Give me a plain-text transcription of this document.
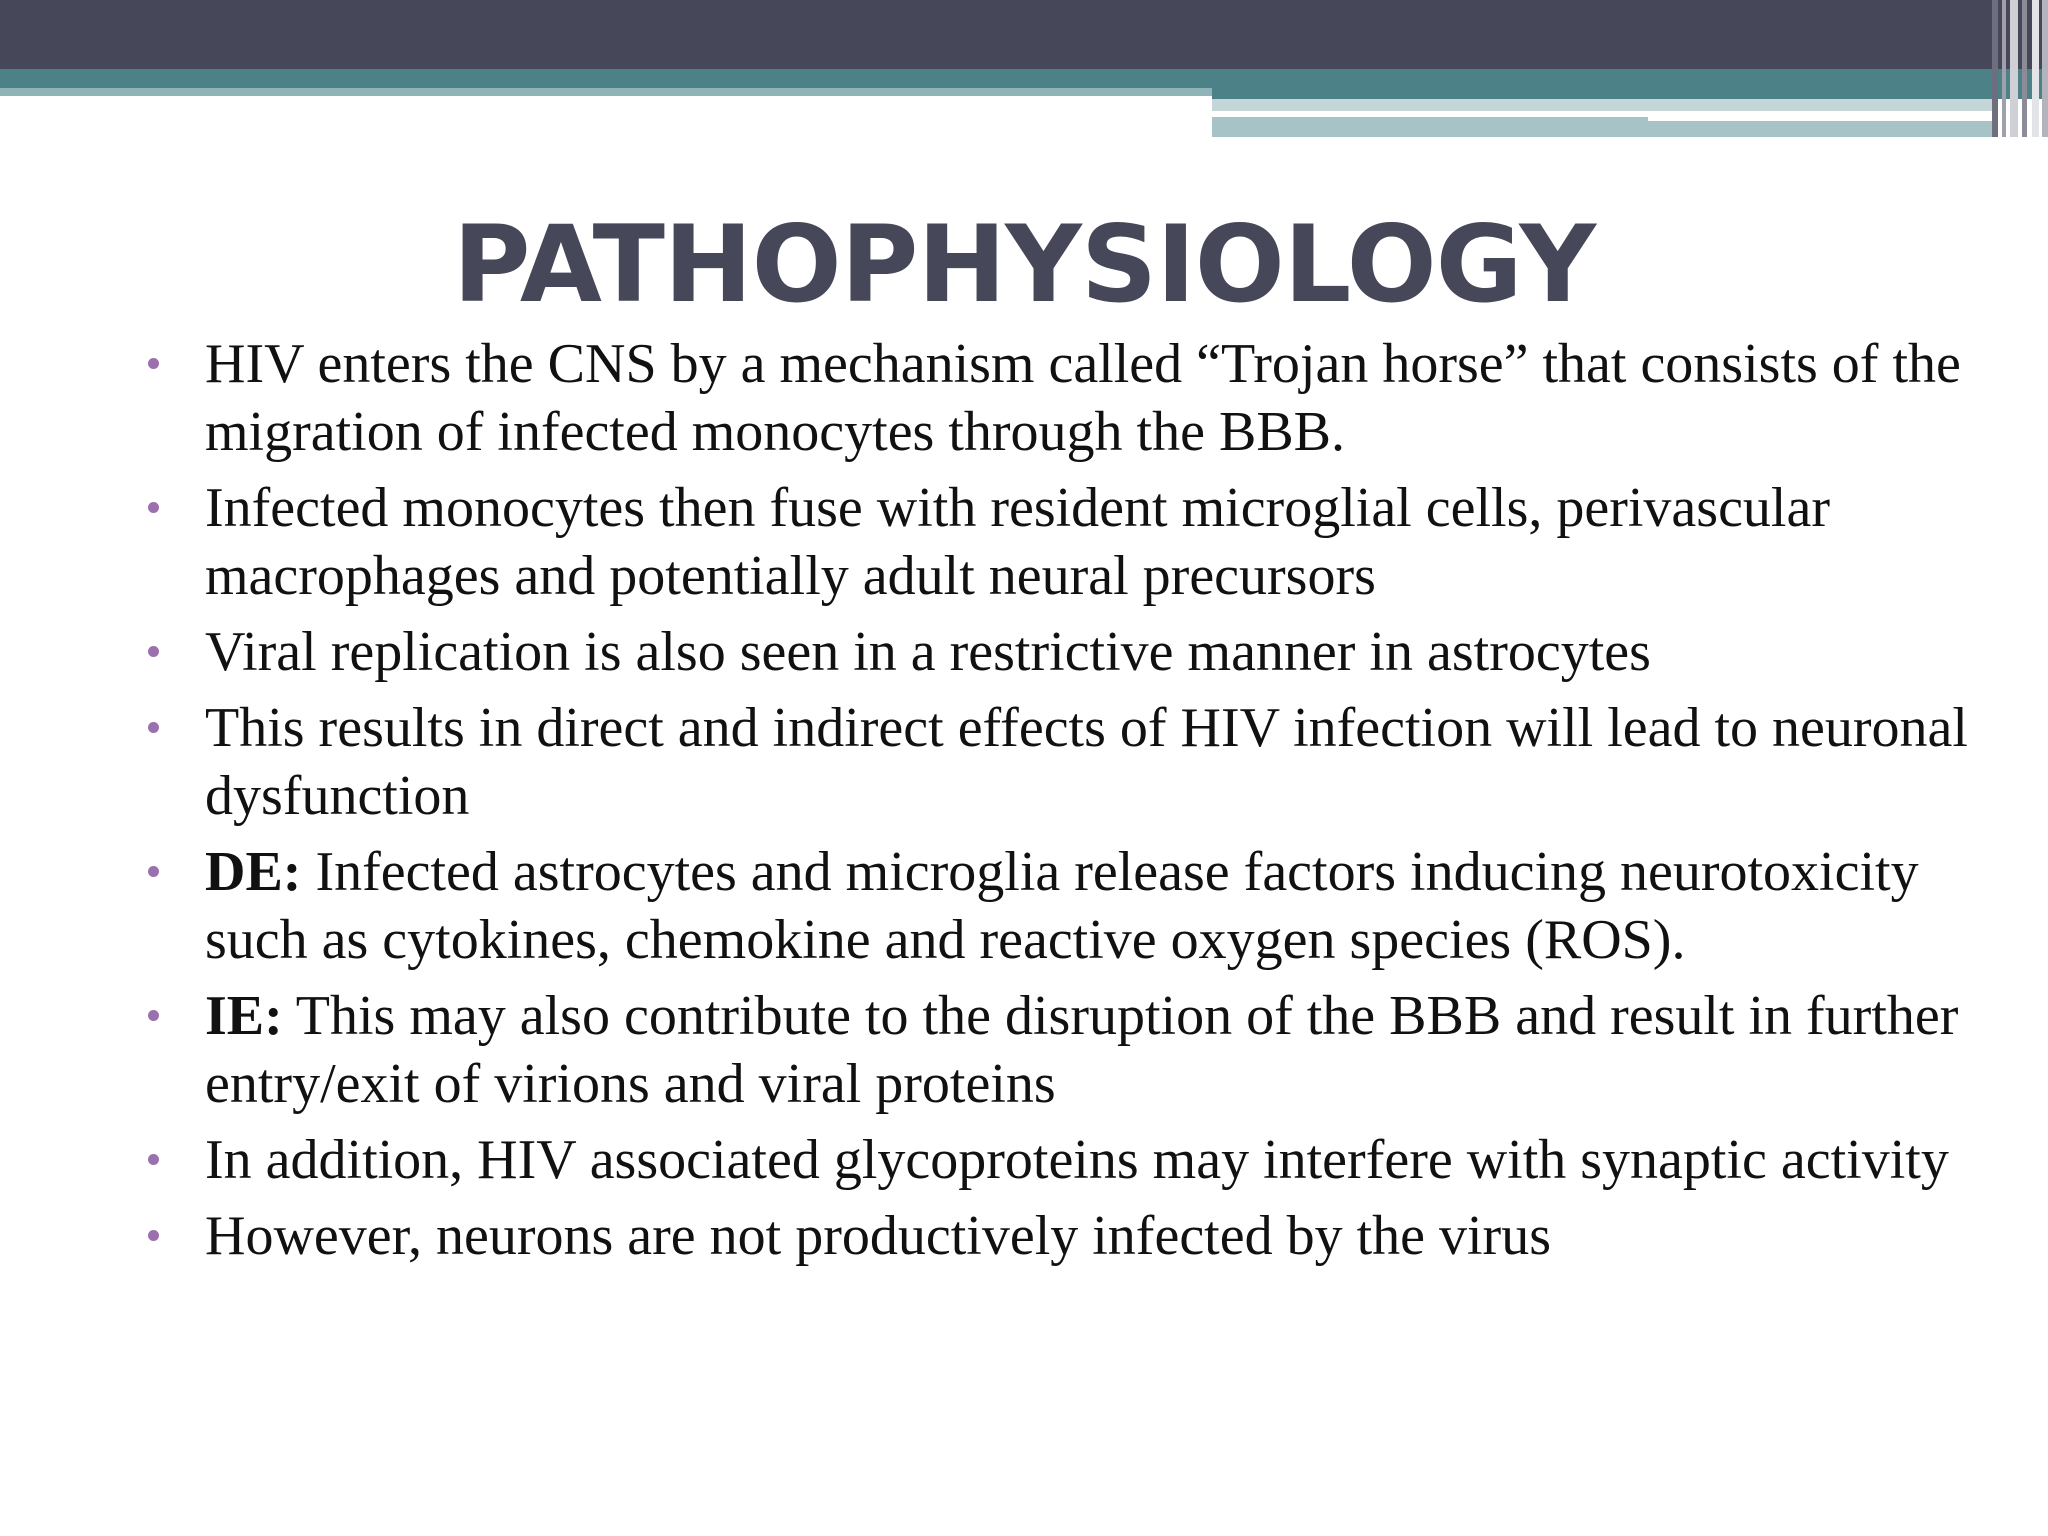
PATHOPHYSIOLOGY
HIV enters the CNS by a mechanism called “Trojan horse” that consists of the migration of infected monocytes through the BBB.
Infected monocytes then fuse with resident microglial cells, perivascular macrophages and potentially adult neural precursors
Viral replication is also seen in a restrictive manner in astrocytes
This results in direct and indirect effects of HIV infection will lead to neuronal dysfunction
DE: Infected astrocytes and microglia release factors inducing neurotoxicity such as cytokines, chemokine and reactive oxygen species (ROS).
IE: This may also contribute to the disruption of the BBB and result in further entry/exit of virions and viral proteins
In addition, HIV associated glycoproteins may interfere with synaptic activity
However, neurons are not productively infected by the virus
